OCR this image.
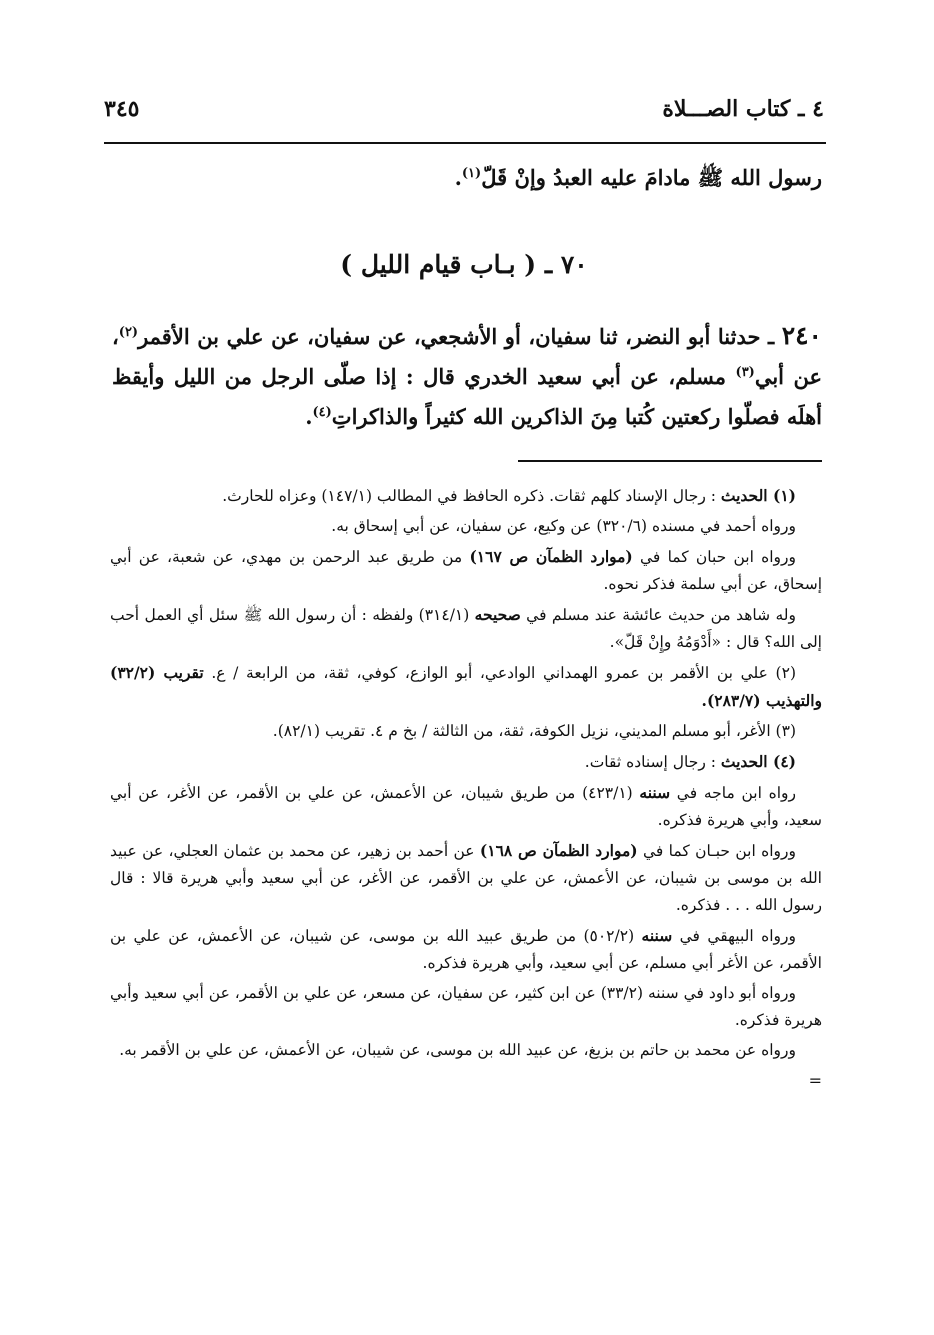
٤ ـ كتاب الصـــلاة
٣٤٥
رسول الله ﷺ مادامَ عليه العبدُ وإنْ قَلّ$^{(١)}$.
٧٠ ـ ( بـاب قيام الليل )
٢٤٠ ـ حدثنا أبو النضر، ثنا سفيان، أو الأشجعي، عن سفيان، عن علي بن الأقمر$^{(٢)}$، عن أبي$^{(٣)}$ مسلم، عن أبي سعيد الخدري قال : إذا صلّى الرجل من الليل وأيقظ أهلَه فصلّوا ركعتين كُتبا مِنَ الذاكرين الله كثيراً والذاكراتِ$^{(٤)}$.

(١) الحديث : رجال الإسناد كلهم ثقات. ذكره الحافظ في المطالب (١٤٧/١) وعزاه للحارث.

ورواه أحمد في مسنده (٣٢٠/٦) عن وكيع، عن سفيان، عن أبي إسحاق به.

ورواه ابن حبان كما في (موارد الظمآن ص ١٦٧) من طريق عبد الرحمن بن مهدي، عن شعبة، عن أبي إسحاق، عن أبي سلمة فذكر نحوه.

وله شاهد من حديث عائشة عند مسلم في صحيحه (٣١٤/١) ولفظه : أن رسول الله ﷺ سئل أي العمل أحب إلى الله؟ قال : «أَدْوَمُهُ وإِنْ قَلّ».

(٢) علي بن الأقمر بن عمرو الهمداني الوادعي، أبو الوازع، كوفي، ثقة، من الرابعة / ع. تقريب (٣٢/٢) والتهذيب (٢٨٣/٧).

(٣) الأغر، أبو مسلم المديني، نزيل الكوفة، ثقة، من الثالثة / بخ م ٤. تقريب (٨٢/١).

(٤) الحديث : رجال إسناده ثقات.

رواه ابن ماجه في سننه (٤٢٣/١) من طريق شيبان، عن الأعمش، عن علي بن الأقمر، عن الأغر، عن أبي سعيد، وأبي هريرة فذكره.

ورواه ابن حبـان كما في (موارد الظمآن ص ١٦٨) عن أحمد بن زهير، عن محمد بن عثمان العجلي، عن عبيد الله بن موسى بن شيبان، عن الأعمش، عن علي بن الأقمر، عن الأغر، عن أبي سعيد وأبي هريرة قالا : قال رسول الله . . . فذكره.

ورواه البيهقي في سننه (٥٠٢/٢) من طريق عبيد الله بن موسى، عن شيبان، عن الأعمش، عن علي بن الأقمر، عن الأغر أبي مسلم، عن أبي سعيد، وأبي هريرة فذكره.

ورواه أبو داود في سننه (٣٣/٢) عن ابن كثير، عن سفيان، عن مسعر، عن علي بن الأقمر، عن أبي سعيد وأبي هريرة فذكره.

ورواه عن محمد بن حاتم بن بزيغ، عن عبيد الله بن موسى، عن شيبان، عن الأعمش، عن علي بن الأقمر به.

=
